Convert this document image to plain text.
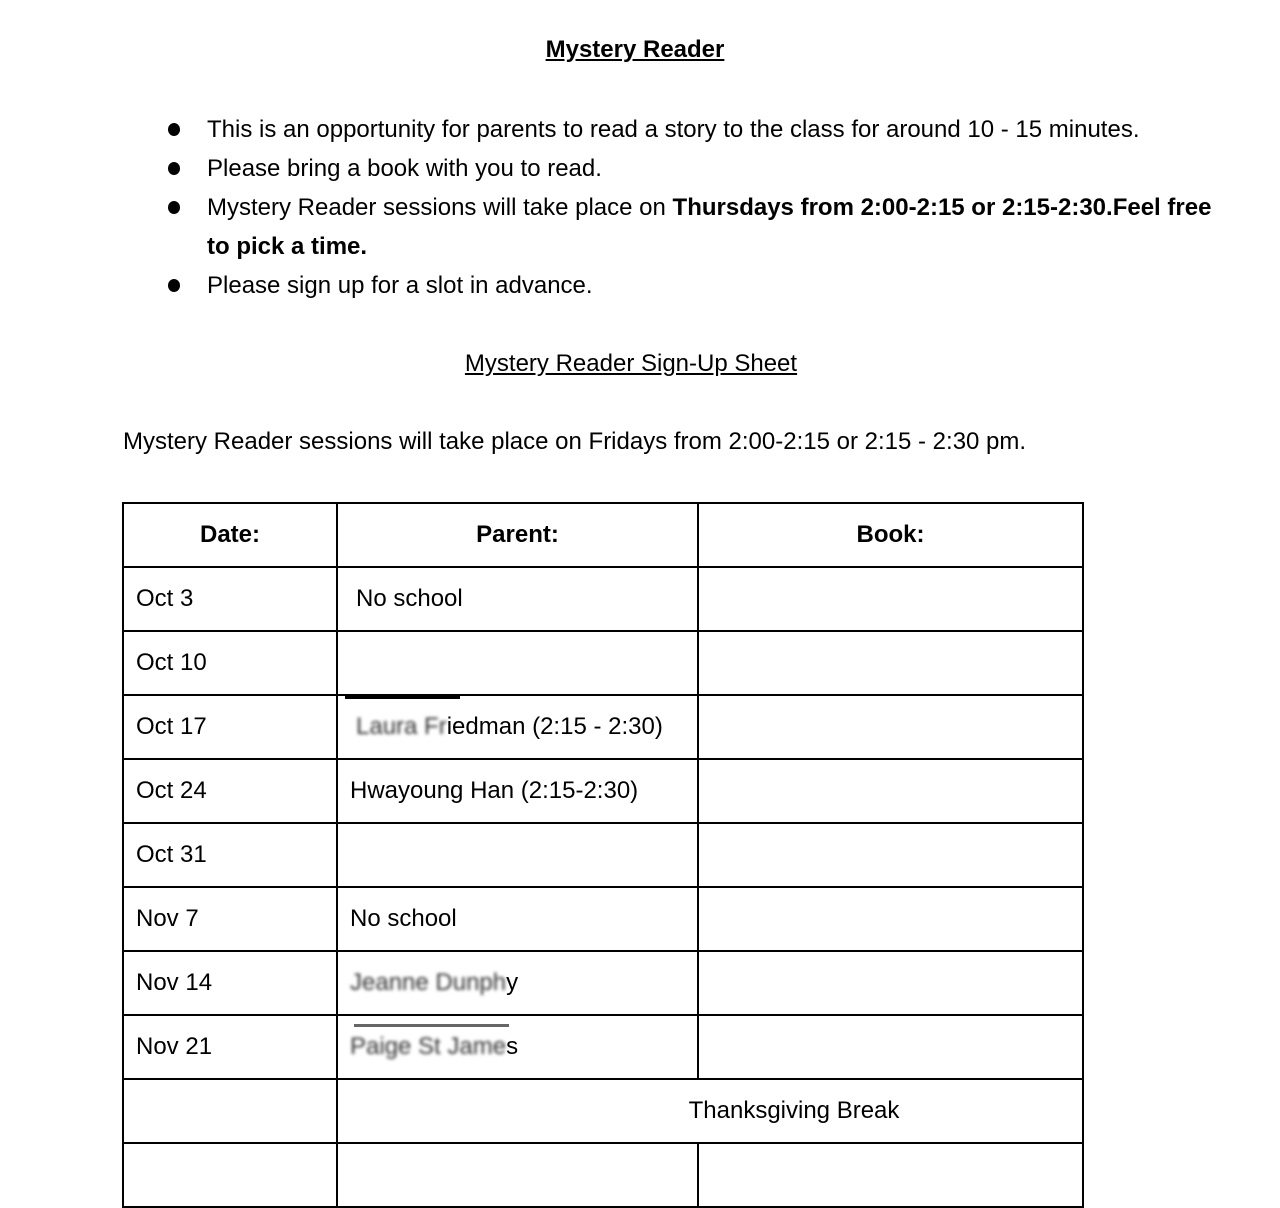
Mystery Reader
This is an opportunity for parents to read a story to the class for around 10 - 15 minutes.
Please bring a book with you to read.
Mystery Reader sessions will take place on Thursdays from 2:00-2:15 or 2:15-2:30.Feel free to pick a time.
Please sign up for a slot in advance.
Mystery Reader Sign-Up Sheet
Mystery Reader sessions will take place on Fridays from 2:00-2:15 or 2:15 - 2:30 pm.
Date:	Parent:	Book:
Oct 3	No school	
Oct 10		
Oct 17	Laura Friedman (2:15 - 2:30)	
Oct 24	Hwayoung Han (2:15-2:30)	
Oct 31		
Nov 7	No school	
Nov 14	Jeanne Dunphy	
Nov 21	Paige St James	
	Thanksgiving Break	
